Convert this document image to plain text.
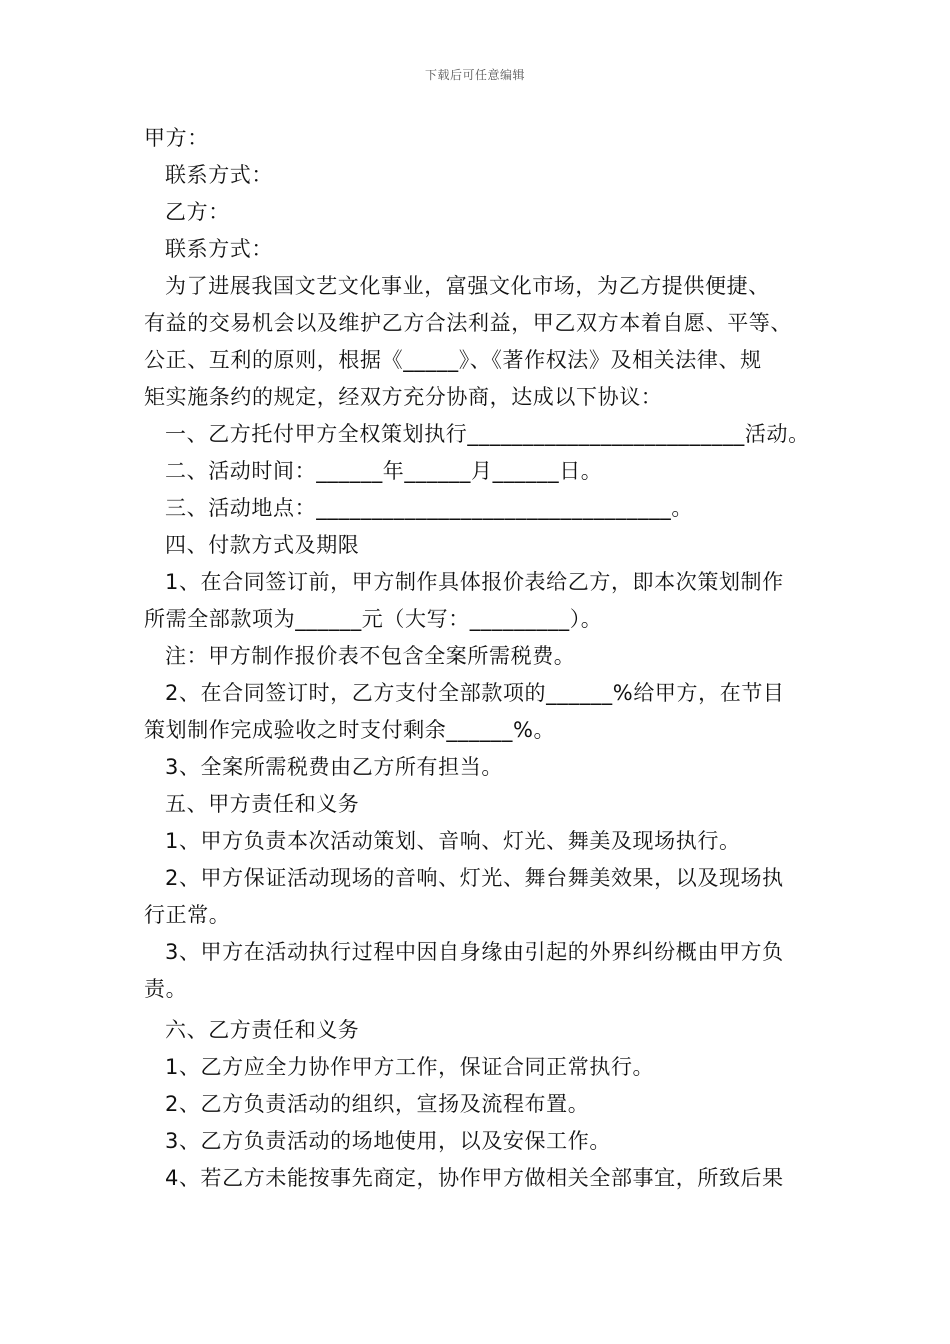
下载后可任意编辑
甲方：
联系方式：
乙方：
联系方式：
为了进展我国文艺文化事业，富强文化市场，为乙方提供便捷、
有益的交易机会以及维护乙方合法利益，甲乙双方本着自愿、平等、
公正、互利的原则，根据《_____》、《著作权法》及相关法律、规
矩实施条约的规定，经双方充分协商，达成以下协议：
一、乙方托付甲方全权策划执行_________________________活动。
二、活动时间：______年______月______日。
三、活动地点：________________________________。
四、付款方式及期限
1、在合同签订前，甲方制作具体报价表给乙方，即本次策划制作
所需全部款项为______元（大写：_________）。
注：甲方制作报价表不包含全案所需税费。
2、在合同签订时，乙方支付全部款项的______%给甲方，在节目
策划制作完成验收之时支付剩余______%。
3、全案所需税费由乙方所有担当。
五、甲方责任和义务
1、甲方负责本次活动策划、音响、灯光、舞美及现场执行。
2、甲方保证活动现场的音响、灯光、舞台舞美效果，以及现场执
行正常。
3、甲方在活动执行过程中因自身缘由引起的外界纠纷概由甲方负
责。
六、乙方责任和义务
1、乙方应全力协作甲方工作，保证合同正常执行。
2、乙方负责活动的组织，宣扬及流程布置。
3、乙方负责活动的场地使用，以及安保工作。
4、若乙方未能按事先商定，协作甲方做相关全部事宜，所致后果
